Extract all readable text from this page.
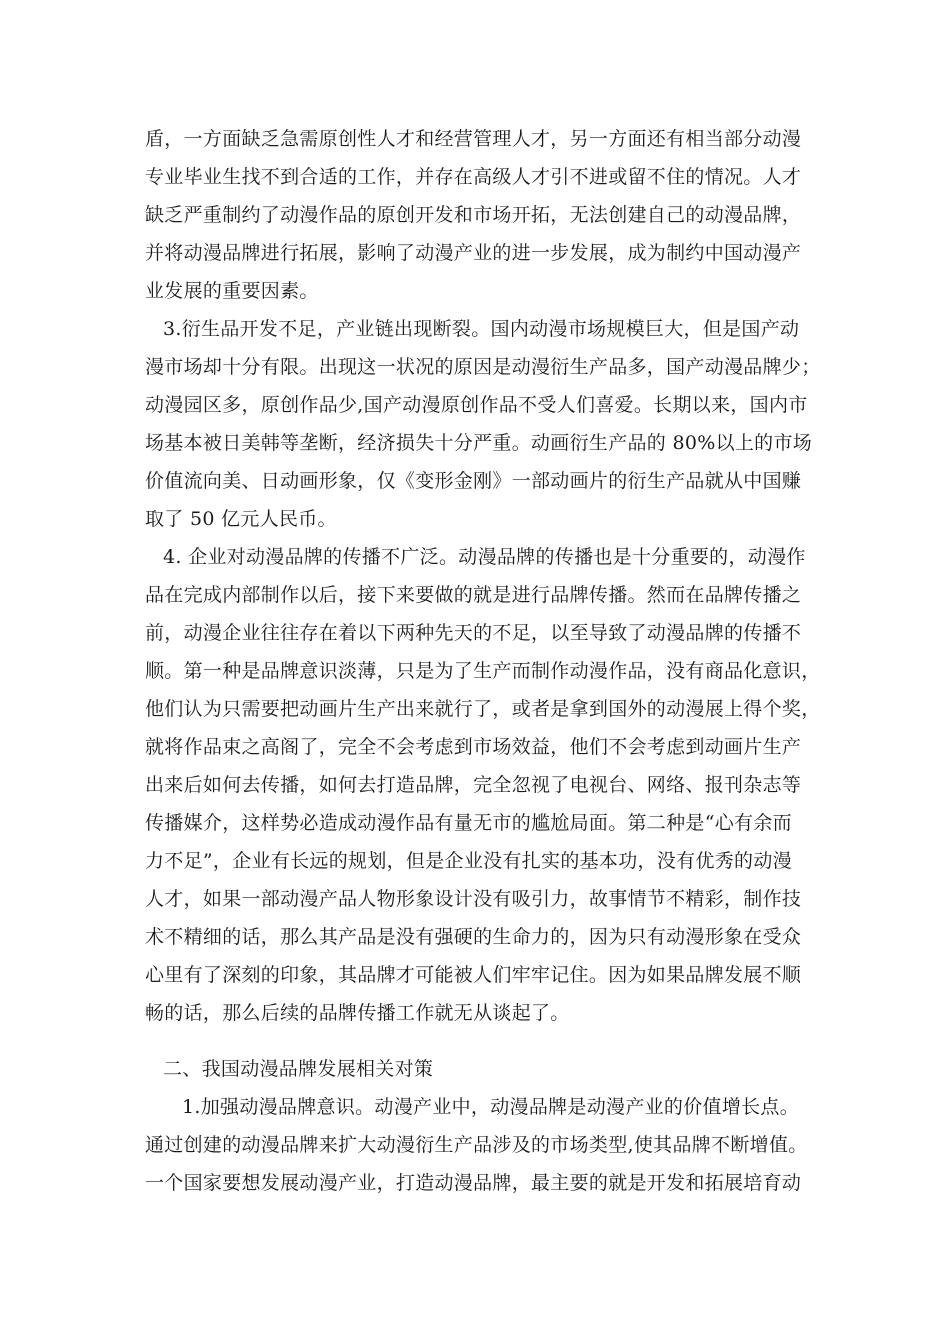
盾，一方面缺乏急需原创性人才和经营管理人才，另一方面还有相当部分动漫
专业毕业生找不到合适的工作，并存在高级人才引不进或留不住的情况。人才
缺乏严重制约了动漫作品的原创开发和市场开拓，无法创建自己的动漫品牌，
并将动漫品牌进行拓展，影响了动漫产业的进一步发展，成为制约中国动漫产
业发展的重要因素。
3.衍生品开发不足，产业链出现断裂。国内动漫市场规模巨大，但是国产动
漫市场却十分有限。出现这一状况的原因是动漫衍生产品多，国产动漫品牌少；
动漫园区多，原创作品少,国产动漫原创作品不受人们喜爱。长期以来，国内市
场基本被日美韩等垄断，经济损失十分严重。动画衍生产品的 80%以上的市场
价值流向美、日动画形象，仅《变形金刚》一部动画片的衍生产品就从中国赚
取了 50 亿元人民币。
4. 企业对动漫品牌的传播不广泛。动漫品牌的传播也是十分重要的，动漫作
品在完成内部制作以后，接下来要做的就是进行品牌传播。然而在品牌传播之
前，动漫企业往往存在着以下两种先天的不足，以至导致了动漫品牌的传播不
顺。第一种是品牌意识淡薄，只是为了生产而制作动漫作品，没有商品化意识，
他们认为只需要把动画片生产出来就行了，或者是拿到国外的动漫展上得个奖，
就将作品束之高阁了，完全不会考虑到市场效益，他们不会考虑到动画片生产
出来后如何去传播，如何去打造品牌，完全忽视了电视台、网络、报刊杂志等
传播媒介，这样势必造成动漫作品有量无市的尴尬局面。第二种是“心有余而
力不足”，企业有长远的规划，但是企业没有扎实的基本功，没有优秀的动漫
人才，如果一部动漫产品人物形象设计没有吸引力，故事情节不精彩，制作技
术不精细的话，那么其产品是没有强硬的生命力的，因为只有动漫形象在受众
心里有了深刻的印象，其品牌才可能被人们牢牢记住。因为如果品牌发展不顺
畅的话，那么后续的品牌传播工作就无从谈起了。
二、我国动漫品牌发展相关对策
1.加强动漫品牌意识。动漫产业中，动漫品牌是动漫产业的价值增长点。
通过创建的动漫品牌来扩大动漫衍生产品涉及的市场类型,使其品牌不断增值。
一个国家要想发展动漫产业，打造动漫品牌，最主要的就是开发和拓展培育动
